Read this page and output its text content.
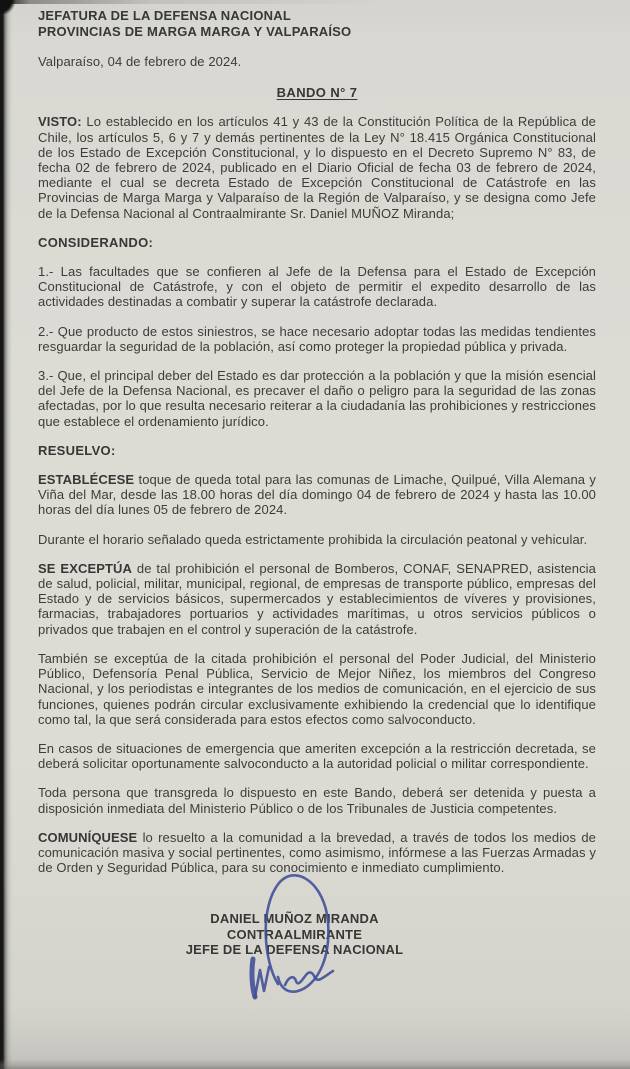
JEFATURA DE LA DEFENSA NACIONAL
PROVINCIAS DE MARGA MARGA Y VALPARAÍSO
Valparaíso, 04 de febrero de 2024.
BANDO N° 7

VISTO: Lo establecido en los artículos 41 y 43 de la Constitución Política de la República de Chile, los artículos 5, 6 y 7 y demás pertinentes de la Ley N° 18.415 Orgánica Constitucional de los Estado de Excepción Constitucional, y lo dispuesto en el Decreto Supremo N° 83, de fecha 02 de febrero de 2024, publicado en el Diario Oficial de fecha 03 de febrero de 2024, mediante el cual se decreta Estado de Excepción Constitucional de Catástrofe en las Provincias de Marga Marga y Valparaíso de la Región de Valparaíso, y se designa como Jefe de la Defensa Nacional al Contraalmirante Sr. Daniel MUÑOZ Miranda;

CONSIDERANDO:

1.- Las facultades que se confieren al Jefe de la Defensa para el Estado de Excepción Constitucional de Catástrofe, y con el objeto de permitir el expedito desarrollo de las actividades destinadas a combatir y superar la catástrofe declarada.

2.- Que producto de estos siniestros, se hace necesario adoptar todas las medidas tendientes resguardar la seguridad de la población, así como proteger la propiedad pública y privada.

3.- Que, el principal deber del Estado es dar protección a la población y que la misión esencial del Jefe de la Defensa Nacional, es precaver el daño o peligro para la seguridad de las zonas afectadas, por lo que resulta necesario reiterar a la ciudadanía las prohibiciones y restricciones que establece el ordenamiento jurídico.

RESUELVO:

ESTABLÉCESE toque de queda total para las comunas de Limache, Quilpué, Villa Alemana y Viña del Mar, desde las 18.00 horas del día domingo 04 de febrero de 2024 y hasta las 10.00 horas del día lunes 05 de febrero de 2024.

Durante el horario señalado queda estrictamente prohibida la circulación peatonal y vehicular.

SE EXCEPTÚA de tal prohibición el personal de Bomberos, CONAF, SENAPRED, asistencia de salud, policial, militar, municipal, regional, de empresas de transporte público, empresas del Estado y de servicios básicos, supermercados y establecimientos de víveres y provisiones, farmacias, trabajadores portuarios y actividades marítimas, u otros servicios públicos o privados que trabajen en el control y superación de la catástrofe.

También se exceptúa de la citada prohibición el personal del Poder Judicial, del Ministerio Público, Defensoría Penal Pública, Servicio de Mejor Niñez, los miembros del Congreso Nacional, y los periodistas e integrantes de los medios de comunicación, en el ejercicio de sus funciones, quienes podrán circular exclusivamente exhibiendo la credencial que lo identifique como tal, la que será considerada para estos efectos como salvoconducto.

En casos de situaciones de emergencia que ameriten excepción a la restricción decretada, se deberá solicitar oportunamente salvoconducto a la autoridad policial o militar correspondiente.

Toda persona que transgreda lo dispuesto en este Bando, deberá ser detenida y puesta a disposición inmediata del Ministerio Público o de los Tribunales de Justicia competentes.

COMUNÍQUESE lo resuelto a la comunidad a la brevedad, a través de todos los medios de comunicación masiva y social pertinentes, como asimismo, infórmese a las Fuerzas Armadas y de Orden y Seguridad Pública, para su conocimiento e inmediato cumplimiento.

DANIEL MUÑOZ MIRANDA
CONTRAALMIRANTE
JEFE DE LA DEFENSA NACIONAL
